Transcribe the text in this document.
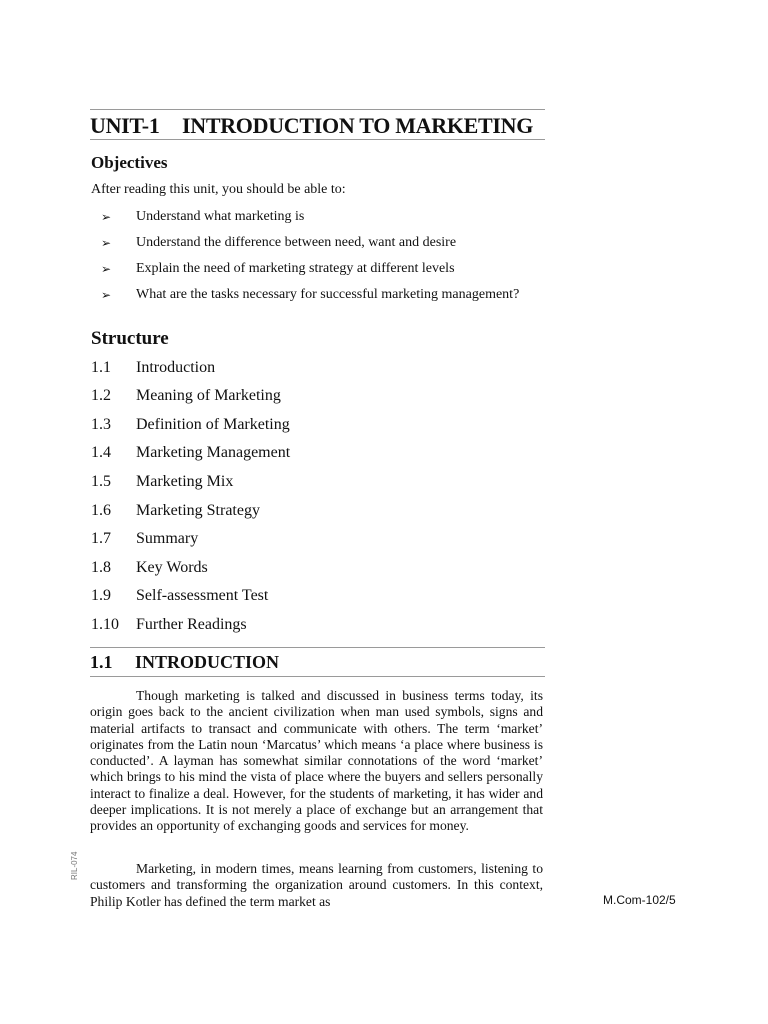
UNIT-1 INTRODUCTION TO MARKETING
Objectives
After reading this unit, you should be able to:
➢ Understand what marketing is
➢ Understand the difference between need, want and desire
➢ Explain the need of marketing strategy at different levels
➢ What are the tasks necessary for successful marketing management?
Structure
1.1 Introduction
1.2 Meaning of Marketing
1.3 Definition of Marketing
1.4 Marketing Management
1.5 Marketing Mix
1.6 Marketing Strategy
1.7 Summary
1.8 Key Words
1.9 Self-assessment Test
1.10 Further Readings
1.1 INTRODUCTION

Though marketing is talked and discussed in business terms today, its origin goes back to the ancient civilization when man used symbols, signs and material artifacts to transact and communicate with others. The term ‘market’ originates from the Latin noun ‘Marcatus’ which means ‘a place where business is conducted’. A layman has somewhat similar connotations of the word ‘market’ which brings to his mind the vista of place where the buyers and sellers personally interact to finalize a deal. However, for the students of marketing, it has wider and deeper implications. It is not merely a place of exchange but an arrangement that provides an opportunity of exchanging goods and services for money.

Marketing, in modern times, means learning from customers, listening to customers and transforming the organization around customers. In this context, Philip Kotler has defined the term market as

RIL-074
M.Com-102/5
